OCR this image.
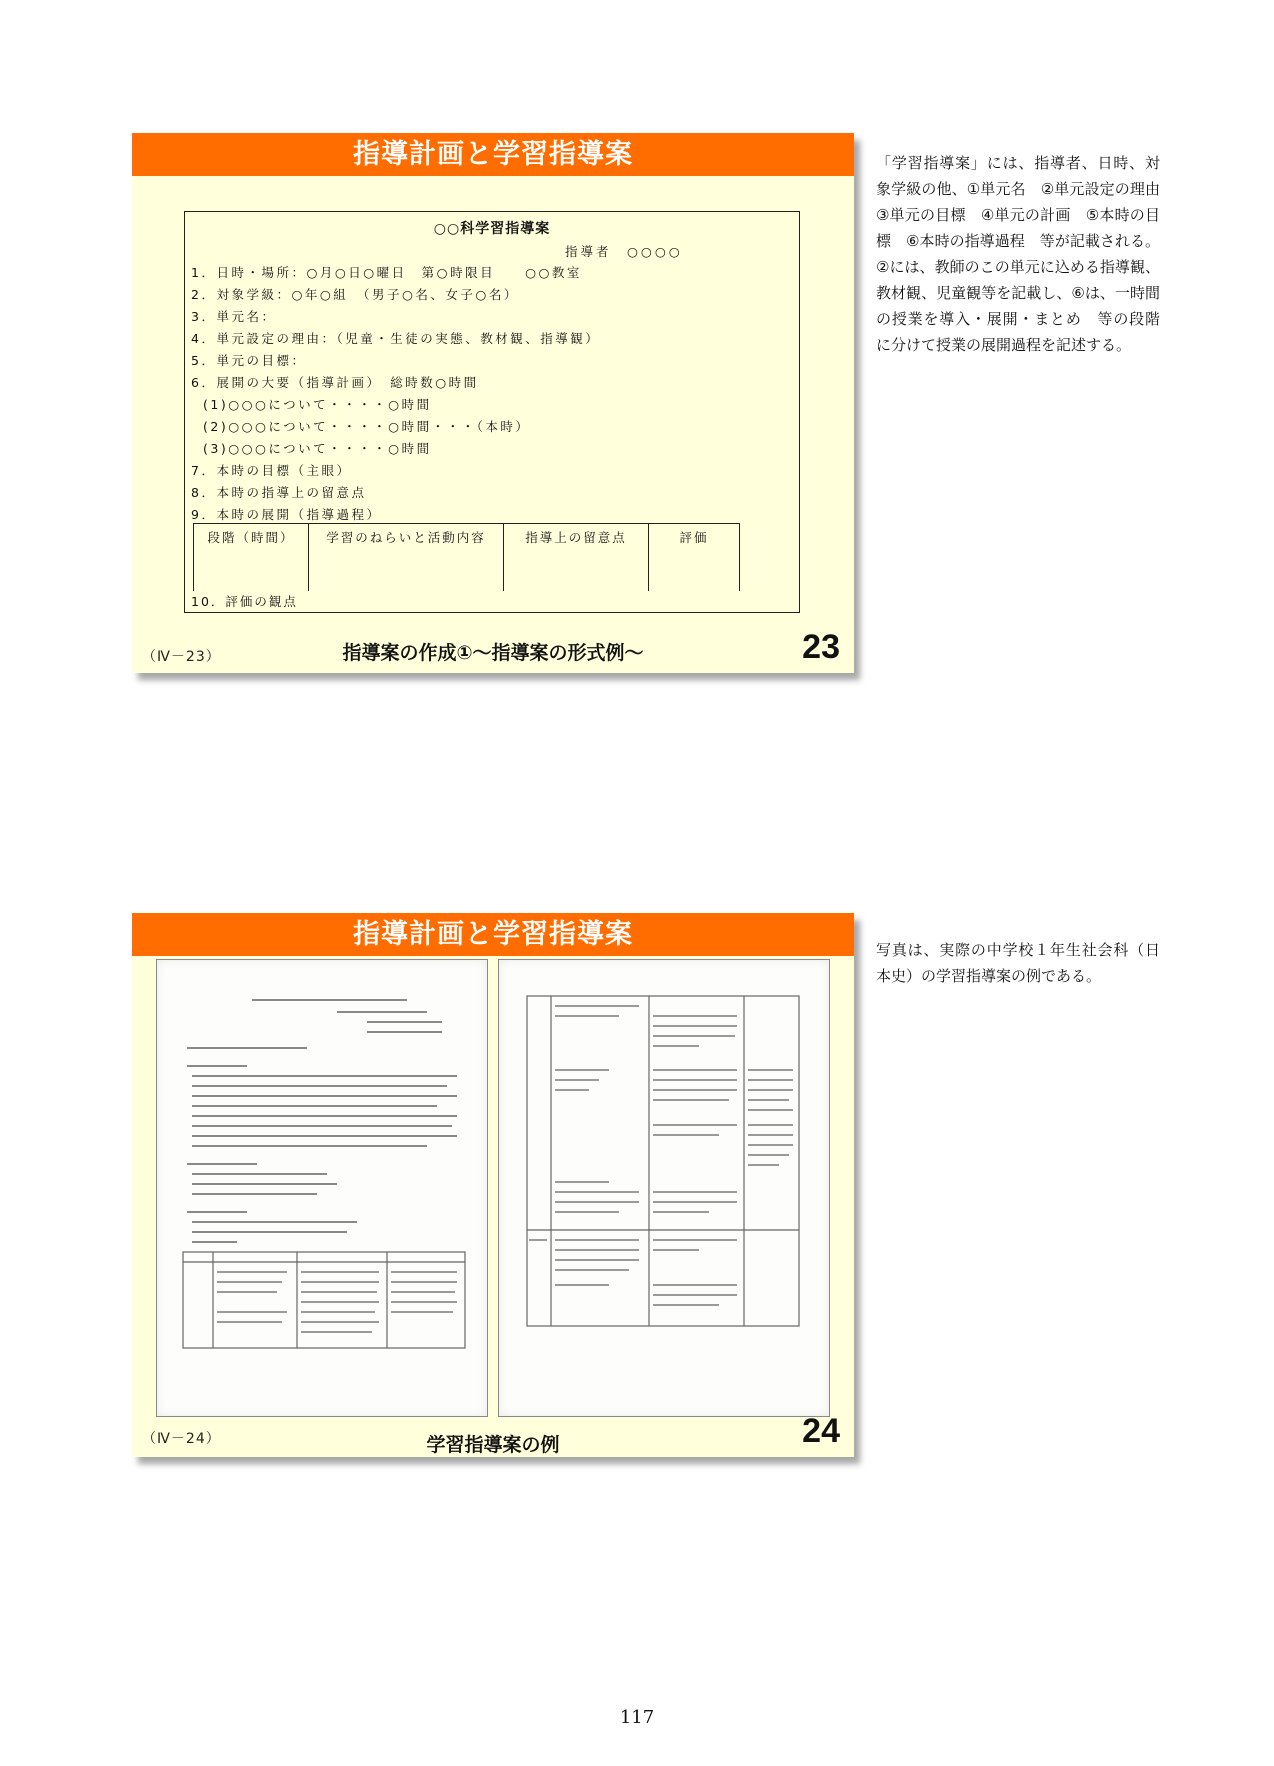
指導計画と学習指導案
○○科学習指導案
指導者　○○○○
1．日時・場所：○月○日○曜日　第○時限目　　○○教室
2．対象学級：○年○組　（男子○名、女子○名）
3．単元名：
4．単元設定の理由：（児童・生徒の実態、教材観、指導観）
5．単元の目標：
6．展開の大要（指導計画）　総時数○時間
(1)○○○について・・・・○時間
(2)○○○について・・・・○時間・・・（本時）
(3)○○○について・・・・○時間
7．本時の目標（主眼）
8．本時の指導上の留意点
9．本時の展開（指導過程）
段階（時間）	学習のねらいと活動内容	指導上の留意点	評価
10．評価の観点
（Ⅳ－23）	指導案の作成①～指導案の形式例～	23
「学習指導案」には、指導者、日時、対象学級の他、①単元名　②単元設定の理由　③単元の目標　④単元の計画　⑤本時の目標　⑥本時の指導過程　等が記載される。②には、教師のこの単元に込める指導観、教材観、児童観等を記載し、⑥は、一時間の授業を導入・展開・まとめ　等の段階に分けて授業の展開過程を記述する。
指導計画と学習指導案
（Ⅳ－24）	学習指導案の例	24
写真は、実際の中学校１年生社会科（日本史）の学習指導案の例である。
117
